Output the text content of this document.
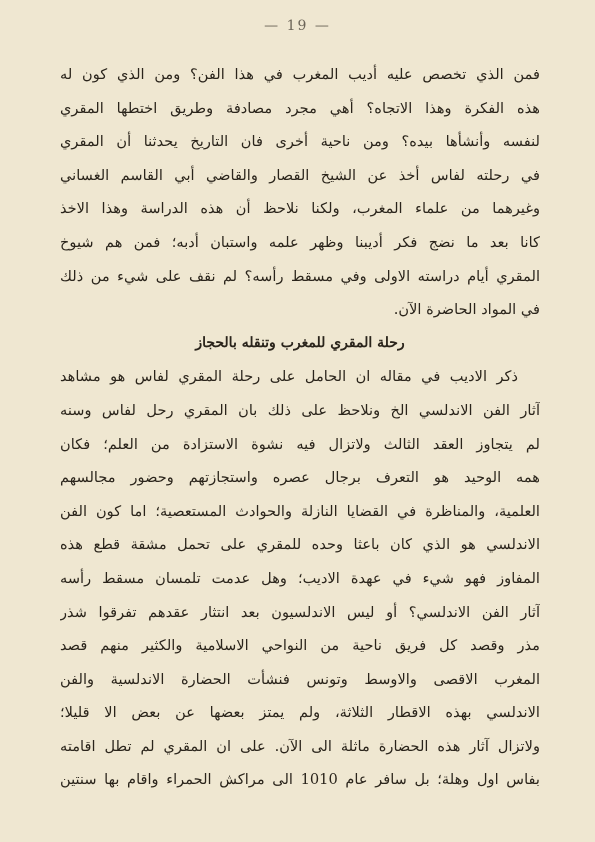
— 19 —
فمن الذي تخصص عليه أديب المغرب في هذا الفن؟ ومن الذي كون له
هذه الفكرة وهذا الاتجاه؟ أهي مجرد مصادفة وطريق اختطها المقري
لنفسه وأنشأها بيده؟ ومن ناحية أخرى فان التاريخ يحدثنا أن المقري
في رحلته لفاس أخذ عن الشيخ القصار والقاضي أبي القاسم الغساني
وغيرهما من علماء المغرب، ولكنا نلاحظ أن هذه الدراسة وهذا الاخذ
كانا بعد ما نضج فكر أديبنا وظهر علمه واستبان أدبه؛ فمن هم شيوخ
المقري أيام دراسته الاولى وفي مسقط رأسه؟ لم نقف على شيء من ذلك
في المواد الحاضرة الآن.
رحلة المقري للمغرب وتنقله بالحجاز
ذكر الاديب في مقاله ان الحامل على رحلة المقري لفاس هو مشاهد
آثار الفن الاندلسي الخ ونلاحظ على ذلك بان المقري رحل لفاس وسنه
لم يتجاوز العقد الثالث ولاتزال فيه نشوة الاستزادة من العلم؛ فكان
همه الوحيد هو التعرف برجال عصره واستجازتهم وحضور مجالسهم
العلمية، والمناظرة في القضايا النازلة والحوادث المستعصية؛ اما كون الفن
الاندلسي هو الذي كان باعثا وحده للمقري على تحمل مشقة قطع هذه
المفاوز فهو شيء في عهدة الاديب؛ وهل عدمت تلمسان مسقط رأسه
آثار الفن الاندلسي؟ أو ليس الاندلسيون بعد انتثار عقدهم تفرقوا شذر
مذر وقصد كل فريق ناحية من النواحي الاسلامية والكثير منهم قصد
المغرب الاقصى والاوسط وتونس فنشأت الحضارة الاندلسية والفن
الاندلسي بهذه الاقطار الثلاثة، ولم يمتز بعضها عن بعض الا قليلا؛
ولاتزال آثار هذه الحضارة ماثلة الى الآن. على ان المقري لم تطل اقامته
بفاس اول وهلة؛ بل سافر عام 1010 الى مراكش الحمراء واقام بها سنتين
